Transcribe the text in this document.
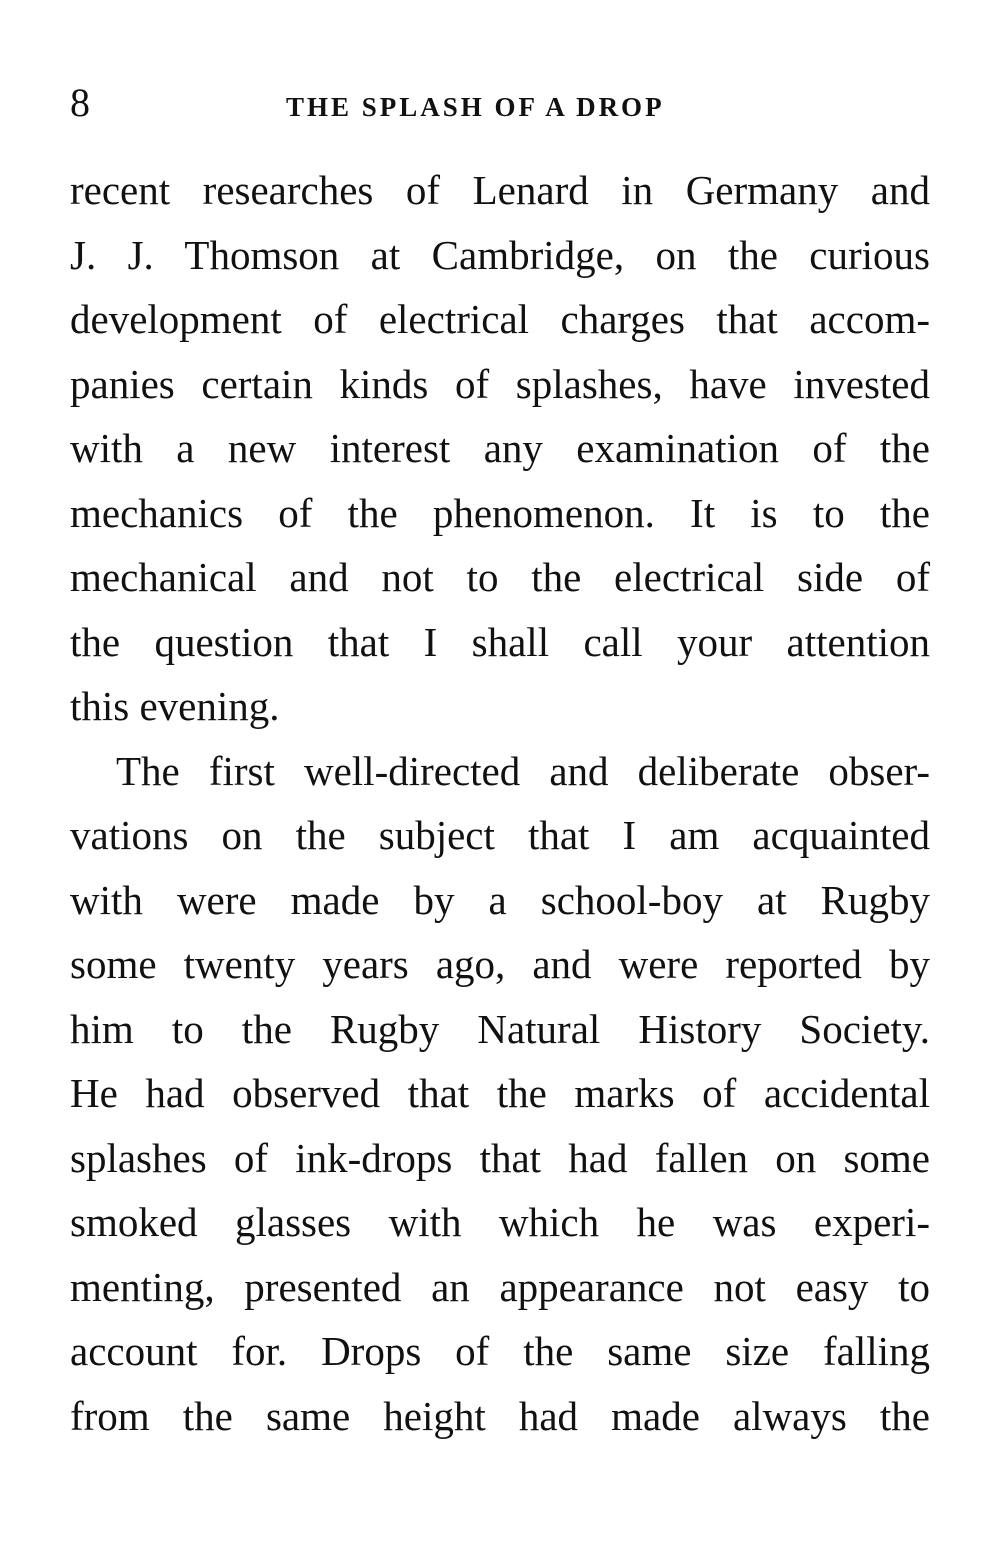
8	THE SPLASH OF A DROP
recent researches of Lenard in Germany and
J. J. Thomson at Cambridge, on the curious
development of electrical charges that accom-
panies certain kinds of splashes, have invested
with a new interest any examination of the
mechanics of the phenomenon. It is to the
mechanical and not to the electrical side of
the question that I shall call your attention
this evening.
The first well-directed and deliberate obser-
vations on the subject that I am acquainted
with were made by a school-boy at Rugby
some twenty years ago, and were reported by
him to the Rugby Natural History Society.
He had observed that the marks of accidental
splashes of ink-drops that had fallen on some
smoked glasses with which he was experi-
menting, presented an appearance not easy to
account for. Drops of the same size falling
from the same height had made always the
